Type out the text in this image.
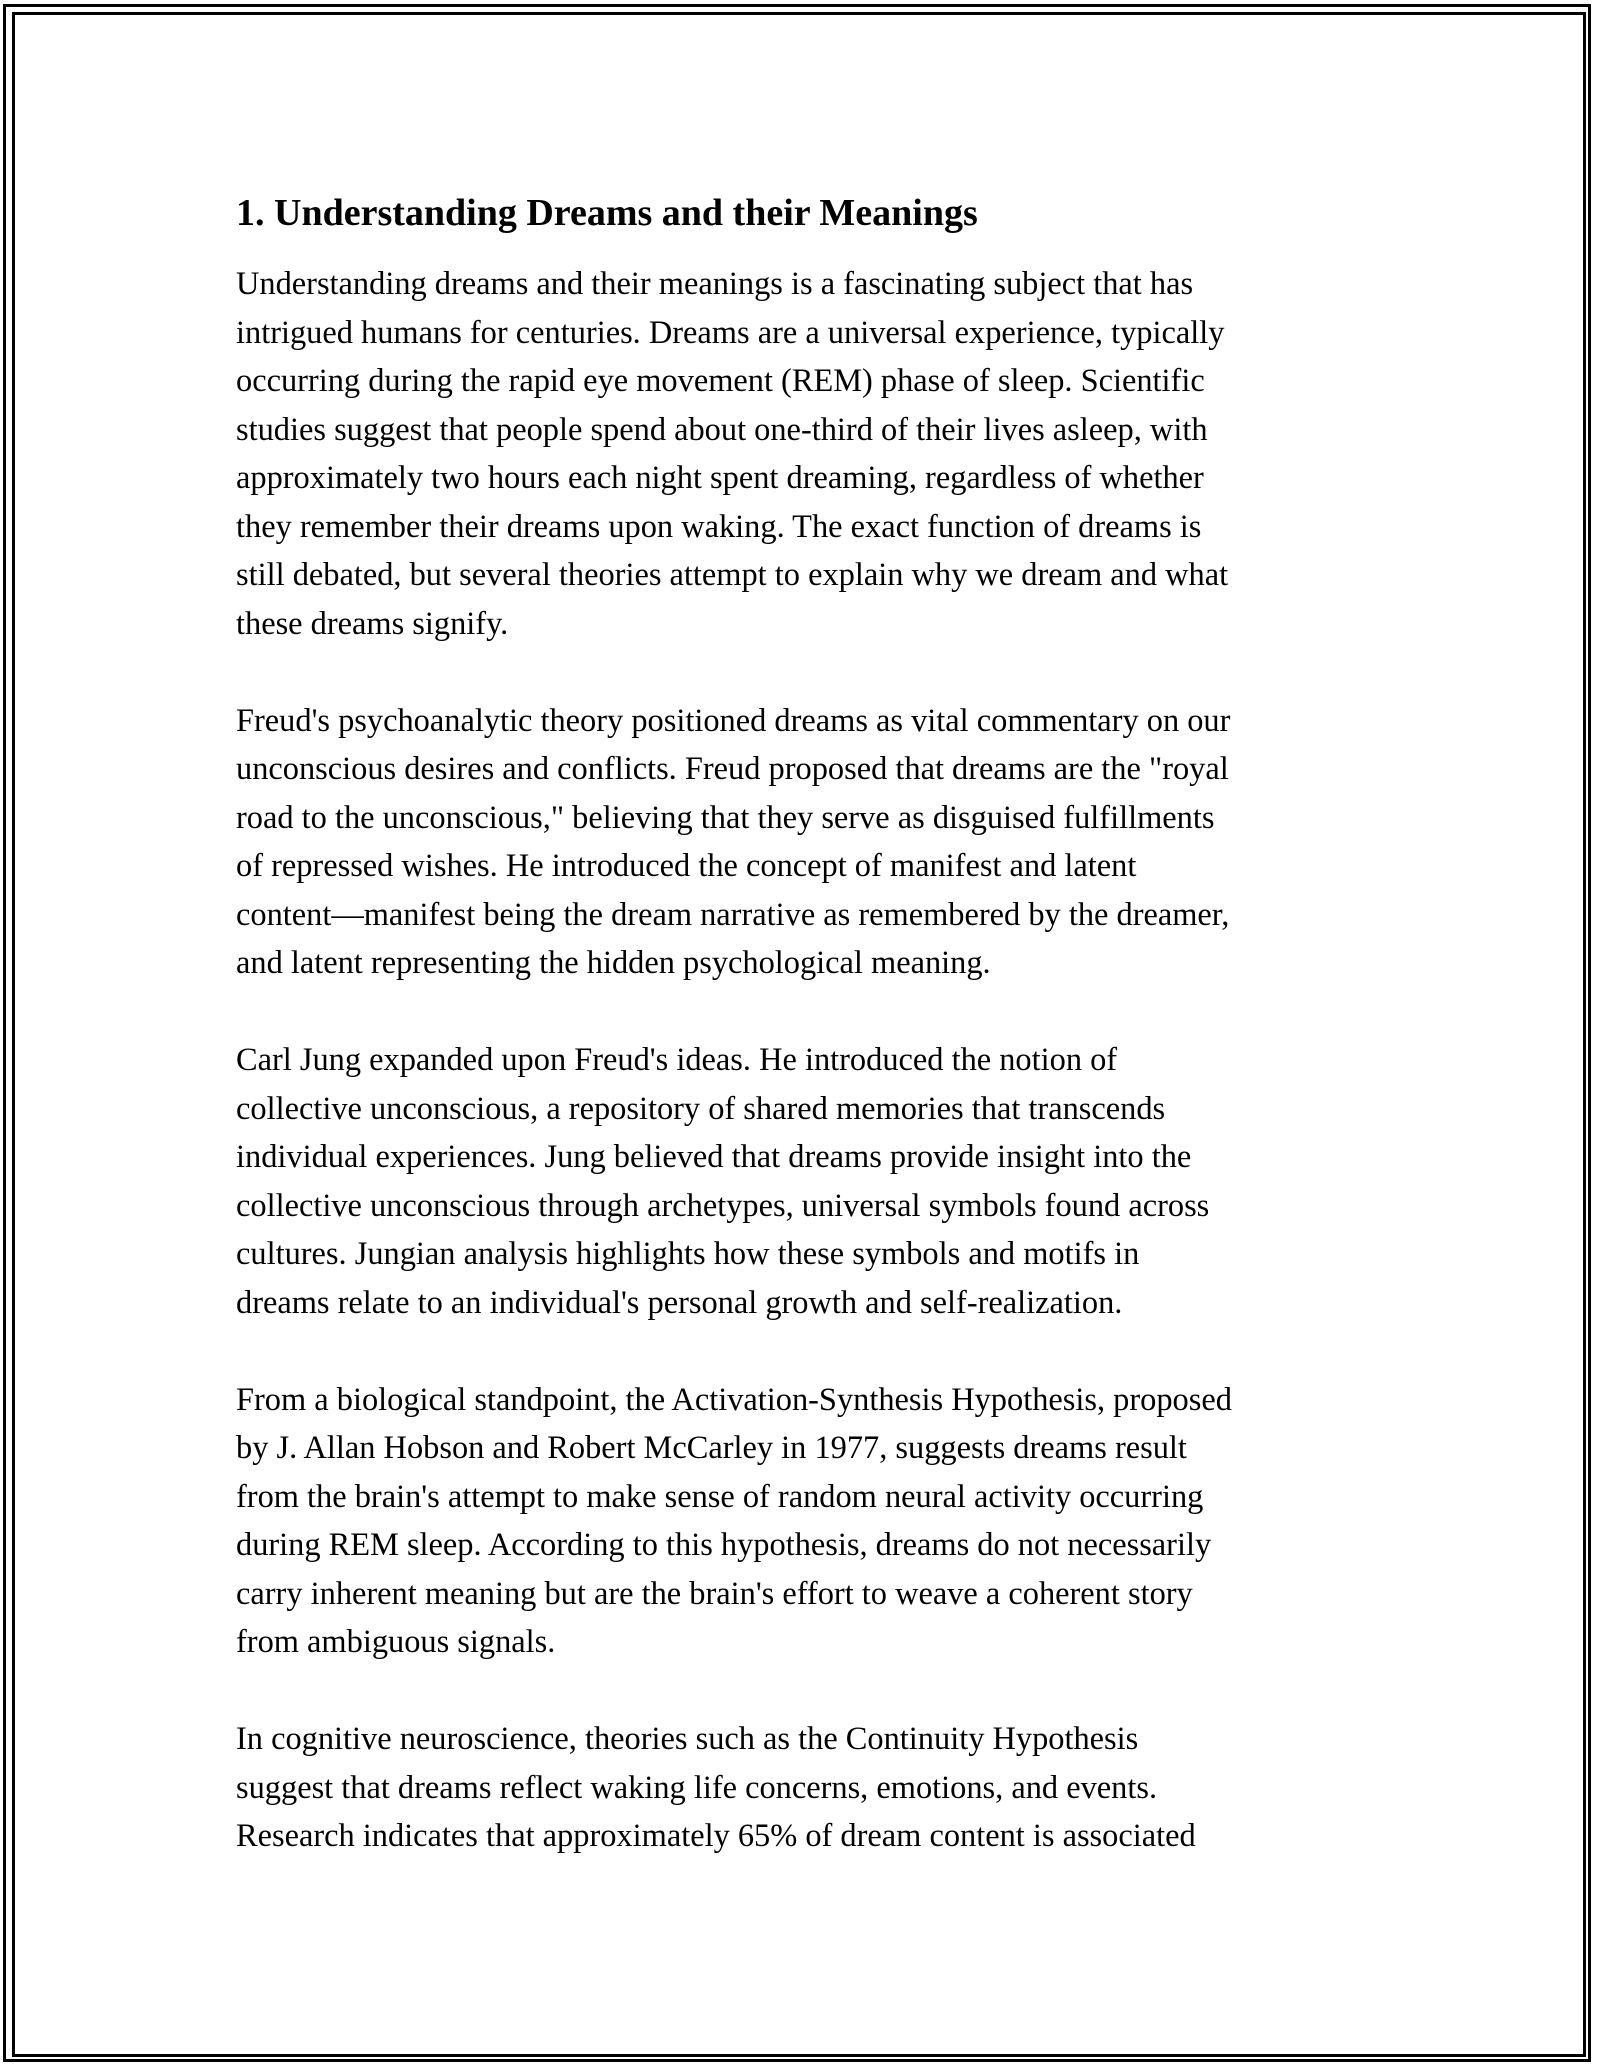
1. Understanding Dreams and their Meanings

Understanding dreams and their meanings is a fascinating subject that has
intrigued humans for centuries. Dreams are a universal experience, typically
occurring during the rapid eye movement (REM) phase of sleep. Scientific
studies suggest that people spend about one-third of their lives asleep, with
approximately two hours each night spent dreaming, regardless of whether
they remember their dreams upon waking. The exact function of dreams is
still debated, but several theories attempt to explain why we dream and what
these dreams signify.

Freud's psychoanalytic theory positioned dreams as vital commentary on our
unconscious desires and conflicts. Freud proposed that dreams are the "royal
road to the unconscious," believing that they serve as disguised fulfillments
of repressed wishes. He introduced the concept of manifest and latent
content—manifest being the dream narrative as remembered by the dreamer,
and latent representing the hidden psychological meaning.

Carl Jung expanded upon Freud's ideas. He introduced the notion of
collective unconscious, a repository of shared memories that transcends
individual experiences. Jung believed that dreams provide insight into the
collective unconscious through archetypes, universal symbols found across
cultures. Jungian analysis highlights how these symbols and motifs in
dreams relate to an individual's personal growth and self-realization.

From a biological standpoint, the Activation-Synthesis Hypothesis, proposed
by J. Allan Hobson and Robert McCarley in 1977, suggests dreams result
from the brain's attempt to make sense of random neural activity occurring
during REM sleep. According to this hypothesis, dreams do not necessarily
carry inherent meaning but are the brain's effort to weave a coherent story
from ambiguous signals.

In cognitive neuroscience, theories such as the Continuity Hypothesis
suggest that dreams reflect waking life concerns, emotions, and events.
Research indicates that approximately 65% of dream content is associated
